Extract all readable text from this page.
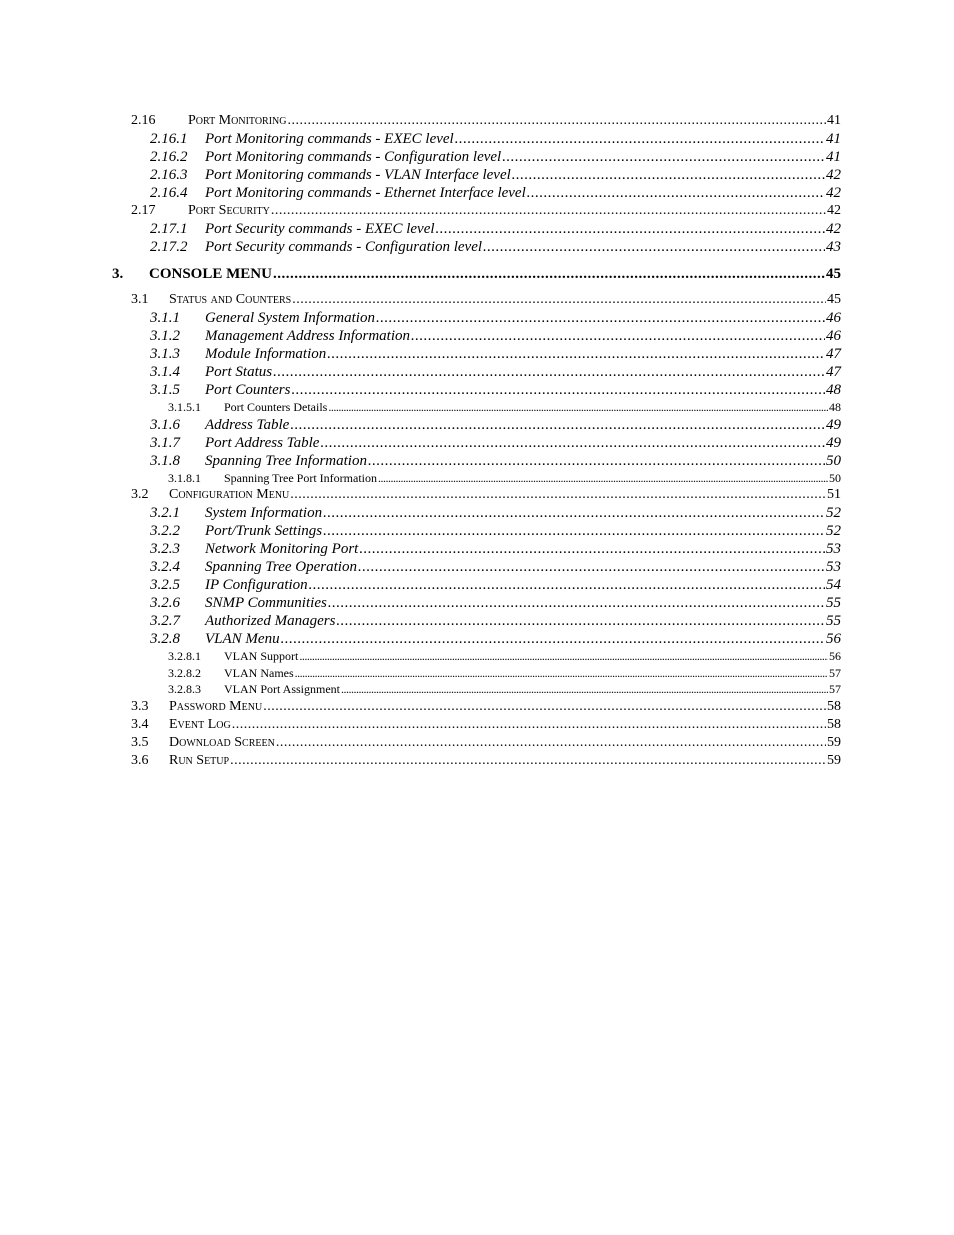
2.16 Port Monitoring .....	41
2.16.1 Port Monitoring commands - EXEC level .....	41
2.16.2 Port Monitoring commands - Configuration level .....	41
2.16.3 Port Monitoring commands - VLAN Interface level .....	42
2.16.4 Port Monitoring commands - Ethernet Interface level .....	42
2.17 Port Security .....	42
2.17.1 Port Security commands - EXEC level .....	42
2.17.2 Port Security commands - Configuration level .....	43
3. CONSOLE MENU .....	45
3.1 Status and Counters .....	45
3.1.1 General System Information .....	46
3.1.2 Management Address Information .....	46
3.1.3 Module Information .....	47
3.1.4 Port Status .....	47
3.1.5 Port Counters .....	48
3.1.5.1 Port Counters Details .....	48
3.1.6 Address Table .....	49
3.1.7 Port Address Table .....	49
3.1.8 Spanning Tree Information .....	50
3.1.8.1 Spanning Tree Port Information .....	50
3.2 Configuration Menu .....	51
3.2.1 System Information .....	52
3.2.2 Port/Trunk Settings .....	52
3.2.3 Network Monitoring Port .....	53
3.2.4 Spanning Tree Operation .....	53
3.2.5 IP Configuration .....	54
3.2.6 SNMP Communities .....	55
3.2.7 Authorized Managers .....	55
3.2.8 VLAN Menu .....	56
3.2.8.1 VLAN Support .....	56
3.2.8.2 VLAN Names .....	57
3.2.8.3 VLAN Port Assignment .....	57
3.3 Password Menu .....	58
3.4 Event Log .....	58
3.5 Download Screen .....	59
3.6 Run Setup .....	59
